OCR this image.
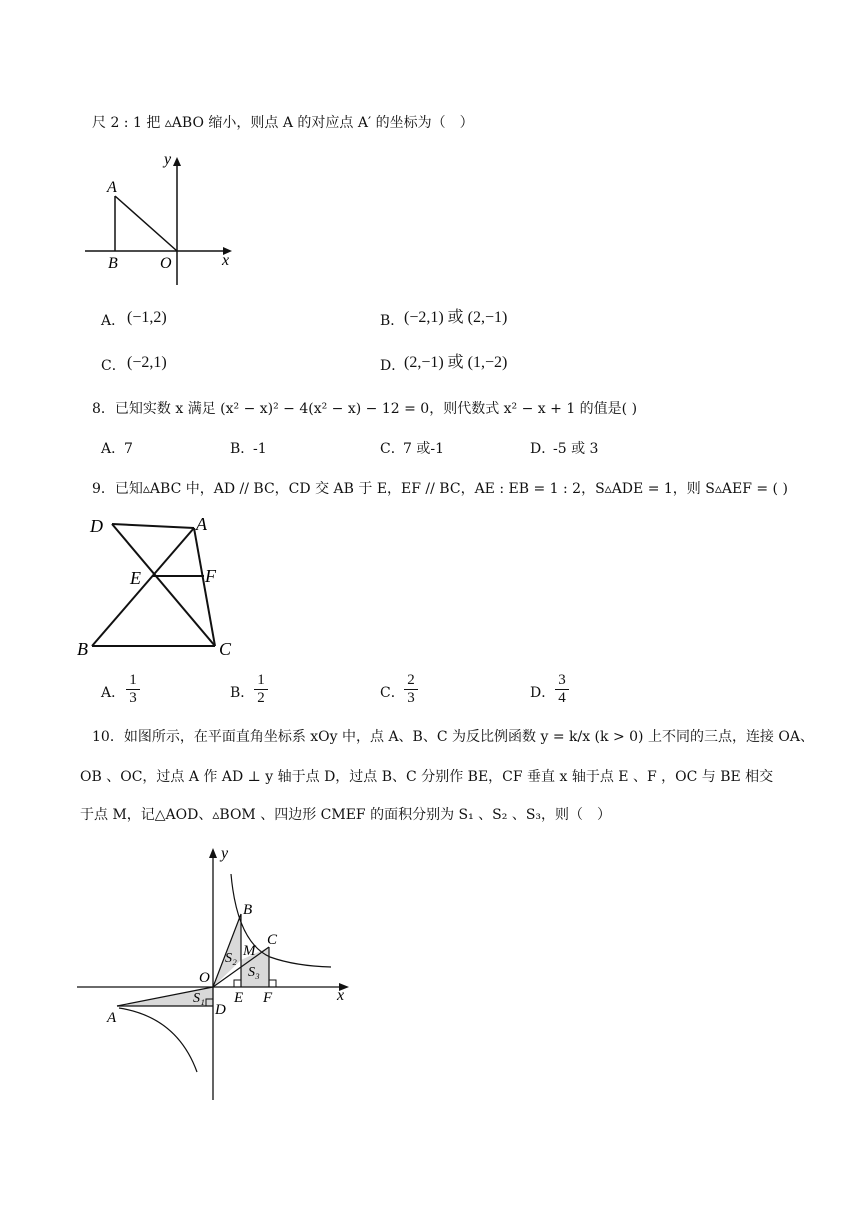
尺 2 : 1 把 ▵ABO 缩小，则点 A 的对应点 A′ 的坐标为（　）
y
x
A
B	O
A． (−1,2)	B． (−2,1) 或 (2,−1)
C． (−2,1)	D．
(2,−1) 或 (1,−2)
8．已知实数 x 满足 (x² − x)² − 4(x² − x) − 12 = 0，则代数式 x² − x + 1 的值是( )
A．
7	B．
-1	C．
7 或-1	D．
-5 或 3
9．已知▵ABC 中，AD // BC，CD 交 AB 于 E，EF // BC，AE : EB = 1 : 2，S▵ADE = 1，则 S▵AEF = ( )
D	A
E	F
B	C
A． $\frac{1}{3}$	B． $\frac{1}{2}$	C． $\frac{2}{3}$	D． $\frac{3}{4}$
10．如图所示，在平面直角坐标系 xOy 中，点 A、B、C 为反比例函数 y = k/x (k > 0) 上不同的三点，连接 OA、
OB 、OC，过点 A 作 AD ⊥ y 轴于点 D，过点 B、C 分别作 BE，CF 垂直 x 轴于点 E 、F ，OC 与 BE 相交
于点 M，记△AOD、▵BOM 、四边形 CMEF 的面积分别为 S₁ 、S₂ 、S₃，则（　）
y
x
B
C
M
O
S₂
S₃
S₁ E F
A	D
